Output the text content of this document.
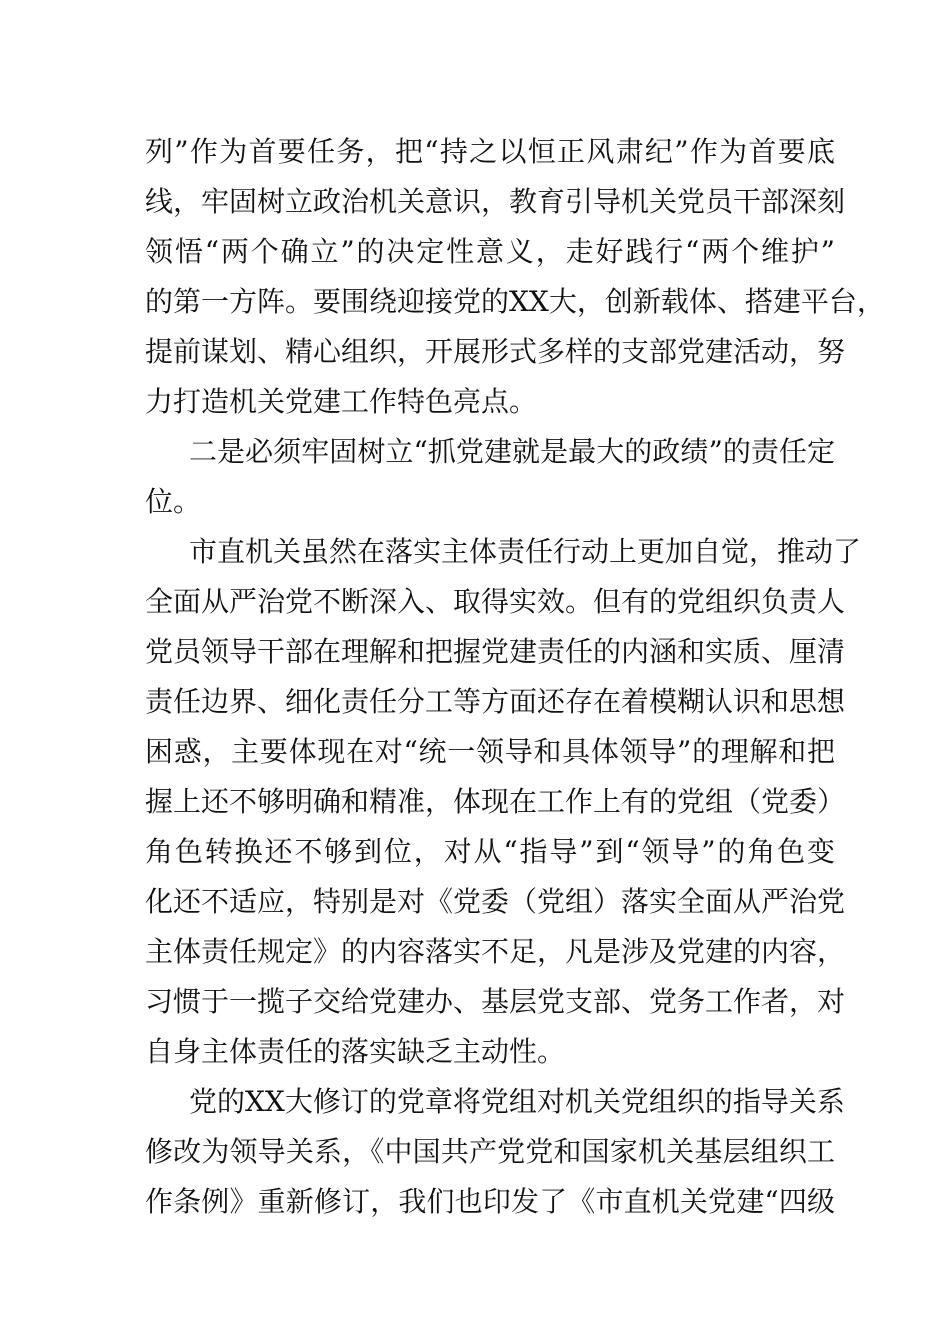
列”作为首要任务，把“持之以恒正风肃纪”作为首要底
线，牢固树立政治机关意识，教育引导机关党员干部深刻
领悟“两个确立”的决定性意义，走好践行“两个维护”
的第一方阵。要围绕迎接党的XX大，创新载体、搭建平台，
提前谋划、精心组织，开展形式多样的支部党建活动，努
力打造机关党建工作特色亮点。
二是必须牢固树立“抓党建就是最大的政绩”的责任定
位。
市直机关虽然在落实主体责任行动上更加自觉，推动了
全面从严治党不断深入、取得实效。但有的党组织负责人
党员领导干部在理解和把握党建责任的内涵和实质、厘清
责任边界、细化责任分工等方面还存在着模糊认识和思想
困惑，主要体现在对“统一领导和具体领导”的理解和把
握上还不够明确和精准，体现在工作上有的党组（党委）
角色转换还不够到位，对从“指导”到“领导”的角色变
化还不适应，特别是对《党委（党组）落实全面从严治党
主体责任规定》的内容落实不足，凡是涉及党建的内容，
习惯于一揽子交给党建办、基层党支部、党务工作者，对
自身主体责任的落实缺乏主动性。
党的XX大修订的党章将党组对机关党组织的指导关系
修改为领导关系，《中国共产党党和国家机关基层组织工
作条例》重新修订，我们也印发了《市直机关党建“四级
